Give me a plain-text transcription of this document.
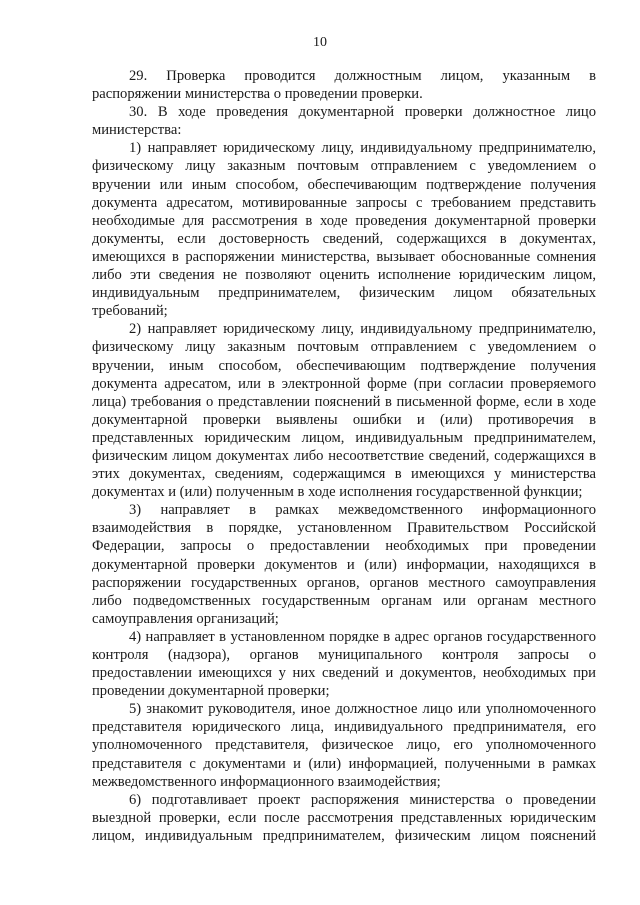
10

29. Проверка проводится должностным лицом, указанным в распоряжении министерства о проведении проверки.

30. В ходе проведения документарной проверки должностное лицо министерства:

1) направляет юридическому лицу, индивидуальному предпринимателю, физическому лицу заказным почтовым отправлением с уведомлением о вручении или иным способом, обеспечивающим подтверждение получения документа адресатом, мотивированные запросы с требованием представить необходимые для рассмотрения в ходе проведения документарной проверки документы, если достоверность сведений, содержащихся в документах, имеющихся в распоряжении министерства, вызывает обоснованные сомнения либо эти сведения не позволяют оценить исполнение юридическим лицом, индивидуальным предпринимателем, физическим лицом обязательных требований;

2) направляет юридическому лицу, индивидуальному предпринимателю, физическому лицу заказным почтовым отправлением с уведомлением о вручении, иным способом, обеспечивающим подтверждение получения документа адресатом, или в электронной форме (при согласии проверяемого лица) требования о представлении пояснений в письменной форме, если в ходе документарной проверки выявлены ошибки и (или) противоречия в представленных юридическим лицом, индивидуальным предпринимателем, физическим лицом документах либо несоответствие сведений, содержащихся в этих документах, сведениям, содержащимся в имеющихся у министерства документах и (или) полученным в ходе исполнения государственной функции;

3) направляет в рамках межведомственного информационного взаимодействия в порядке, установленном Правительством Российской Федерации, запросы о предоставлении необходимых при проведении документарной проверки документов и (или) информации, находящихся в распоряжении государственных органов, органов местного самоуправления либо подведомственных государственным органам или органам местного самоуправления организаций;

4) направляет в установленном порядке в адрес органов государственного контроля (надзора), органов муниципального контроля запросы о предоставлении имеющихся у них сведений и документов, необходимых при проведении документарной проверки;

5) знакомит руководителя, иное должностное лицо или уполномоченного представителя юридического лица, индивидуального предпринимателя, его уполномоченного представителя, физическое лицо, его уполномоченного представителя с документами и (или) информацией, полученными в рамках межведомственного информационного взаимодействия;

6) подготавливает проект распоряжения министерства о проведении выездной проверки, если после рассмотрения представленных юридическим лицом, индивидуальным предпринимателем, физическим лицом пояснений
